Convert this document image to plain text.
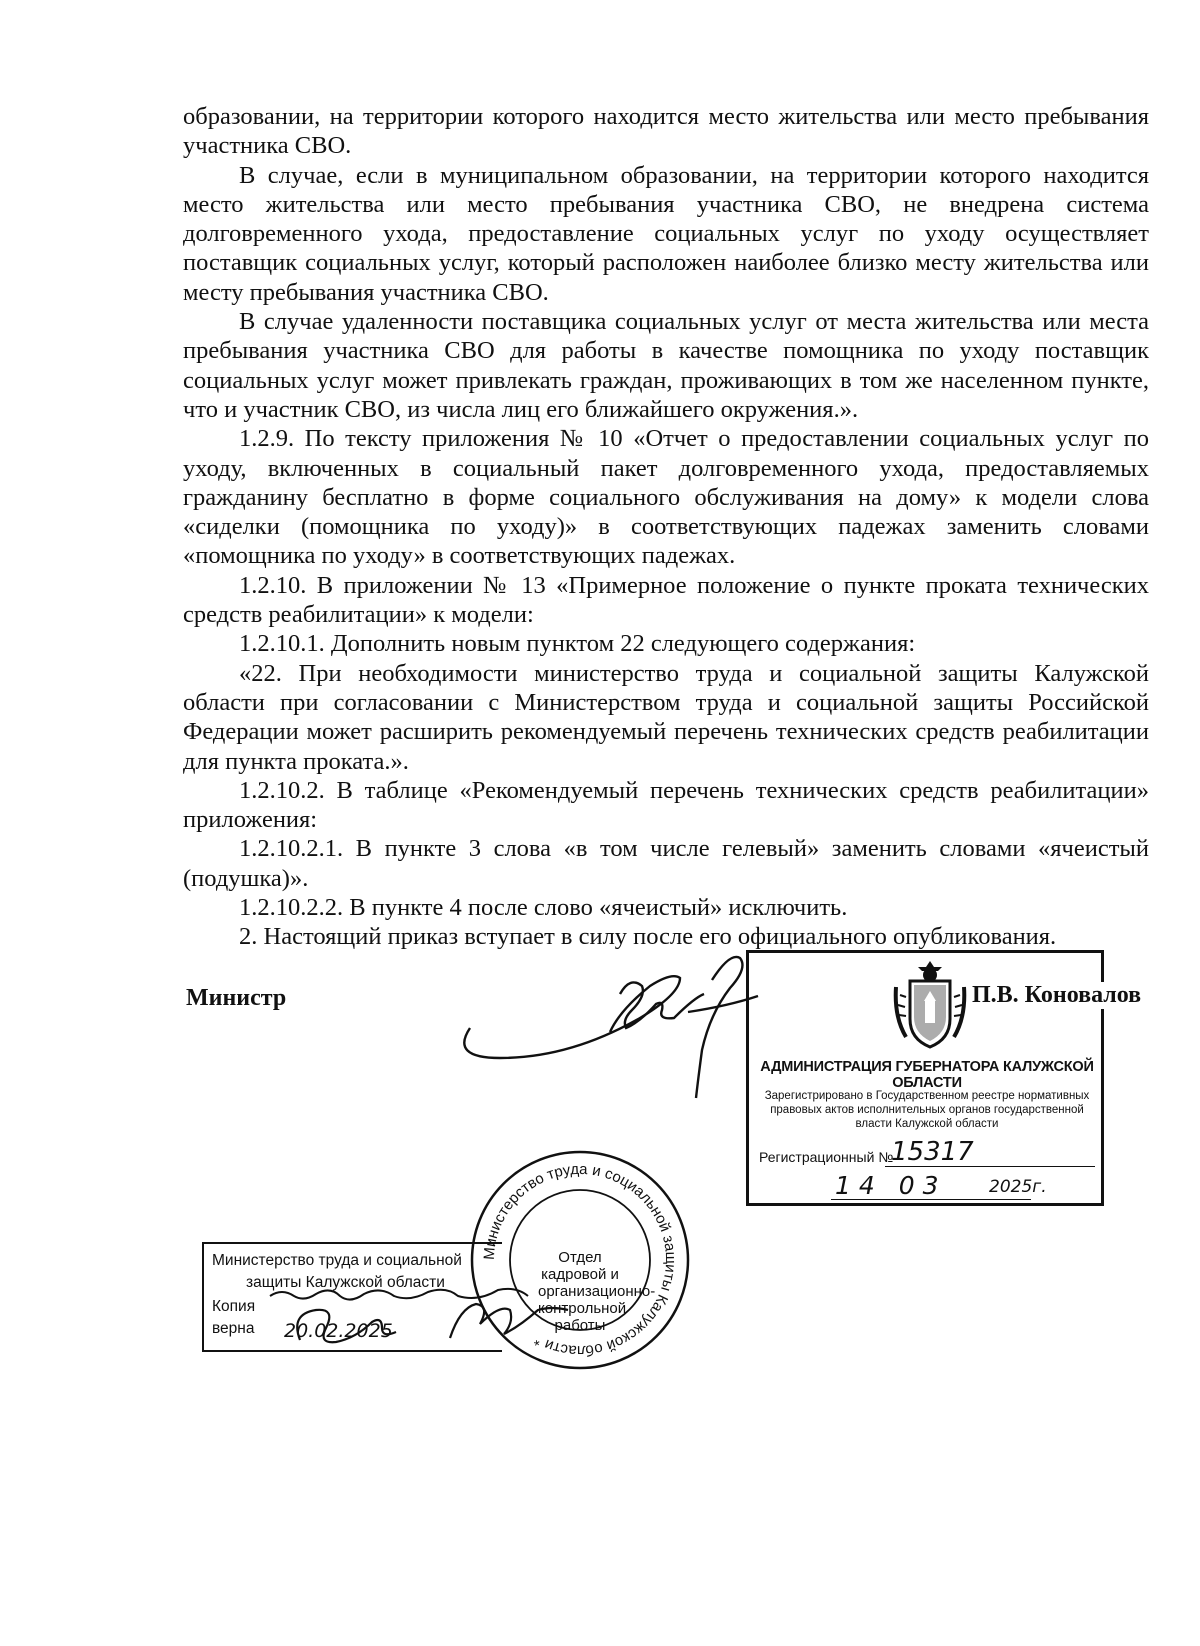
образовании, на территории которого находится место жительства или место пребывания участника СВО.

В случае, если в муниципальном образовании, на территории которого находится место жительства или место пребывания участника СВО, не внедрена система долговременного ухода, предоставление социальных услуг по уходу осуществляет поставщик социальных услуг, который расположен наиболее близко месту жительства или месту пребывания участника СВО.

В случае удаленности поставщика социальных услуг от места жительства или места пребывания участника СВО для работы в качестве помощника по уходу поставщик социальных услуг может привлекать граждан, проживающих в том же населенном пункте, что и участник СВО, из числа лиц его ближайшего окружения.».

1.2.9. По тексту приложения № 10 «Отчет о предоставлении социальных услуг по уходу, включенных в социальный пакет долговременного ухода, предоставляемых гражданину бесплатно в форме социального обслуживания на дому» к модели слова «сиделки (помощника по уходу)» в соответствующих падежах заменить словами «помощника по уходу» в соответствующих падежах.

1.2.10. В приложении № 13 «Примерное положение о пункте проката технических средств реабилитации» к модели:

1.2.10.1. Дополнить новым пунктом 22 следующего содержания:

«22. При необходимости министерство труда и социальной защиты Калужской области при согласовании с Министерством труда и социальной защиты Российской Федерации может расширить рекомендуемый перечень технических средств реабилитации для пункта проката.».

1.2.10.2. В таблице «Рекомендуемый перечень технических средств реабилитации» приложения:

1.2.10.2.1. В пункте 3 слова «в том числе гелевый» заменить словами «ячеистый (подушка)».

1.2.10.2.2. В пункте 4 после слово «ячеистый» исключить.

2. Настоящий приказ вступает в силу после его официального опубликования.

Министр
АДМИНИСТРАЦИЯ ГУБЕРНАТОРА КАЛУЖСКОЙ ОБЛАСТИ
Зарегистрировано в Государственном реестре нормативных правовых актов исполнительных органов государственной власти Калужской области
Регистрационный №
15317
14 03 2025г.
П.В. Коновалов
Министерство труда и социальной
защиты Калужской области
Копия
верна 20.02.2025
Министерство труда и социальной защиты Калужской области *
Отдел кадровой и организационно-контрольной работы
